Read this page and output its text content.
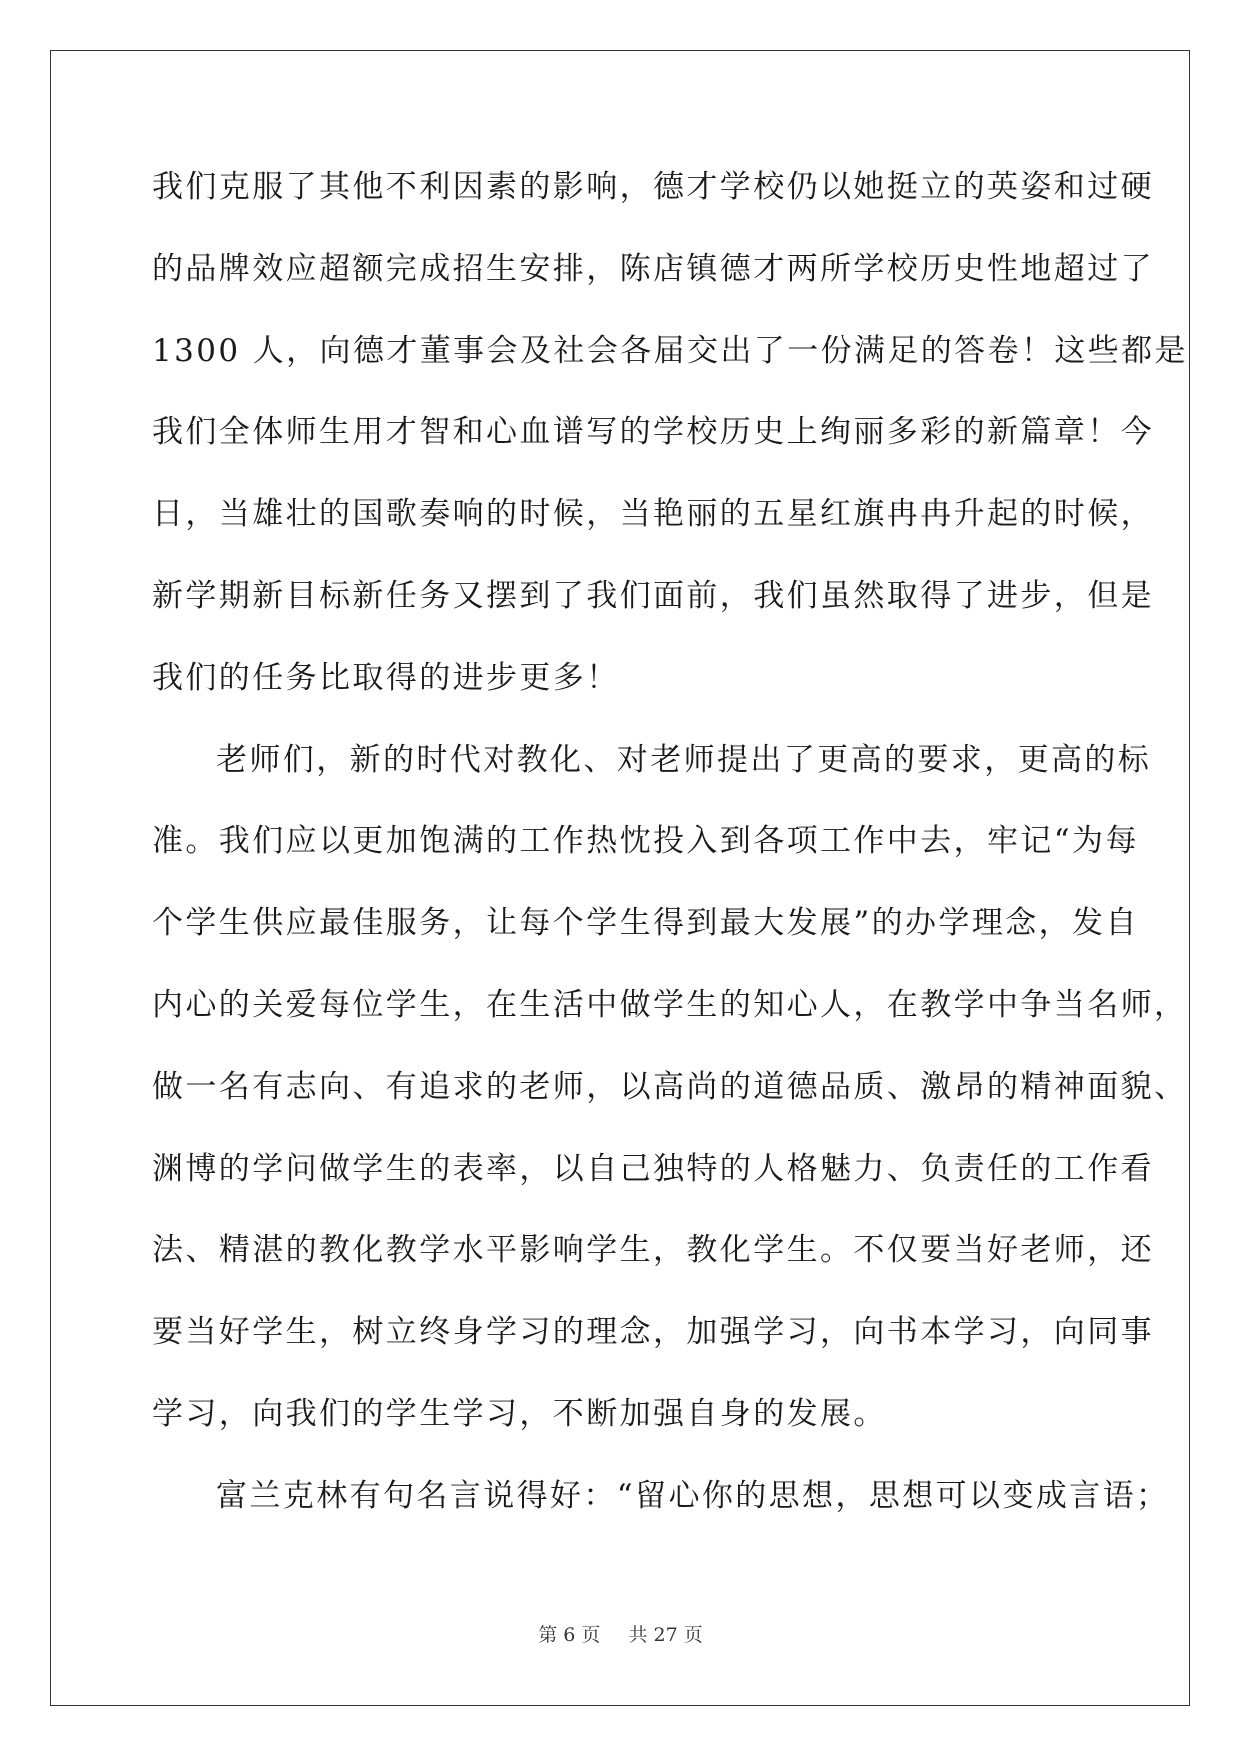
我们克服了其他不利因素的影响，德才学校仍以她挺立的英姿和过硬
的品牌效应超额完成招生安排，陈店镇德才两所学校历史性地超过了
1300 人，向德才董事会及社会各届交出了一份满足的答卷！这些都是
我们全体师生用才智和心血谱写的学校历史上绚丽多彩的新篇章！今
日，当雄壮的国歌奏响的时候，当艳丽的五星红旗冉冉升起的时候，
新学期新目标新任务又摆到了我们面前，我们虽然取得了进步，但是
我们的任务比取得的进步更多！
老师们，新的时代对教化、对老师提出了更高的要求，更高的标
准。我们应以更加饱满的工作热忱投入到各项工作中去，牢记“为每
个学生供应最佳服务，让每个学生得到最大发展”的办学理念，发自
内心的关爱每位学生，在生活中做学生的知心人，在教学中争当名师，
做一名有志向、有追求的老师，以高尚的道德品质、激昂的精神面貌、
渊博的学问做学生的表率，以自己独特的人格魅力、负责任的工作看
法、精湛的教化教学水平影响学生，教化学生。不仅要当好老师，还
要当好学生，树立终身学习的理念，加强学习，向书本学习，向同事
学习，向我们的学生学习，不断加强自身的发展。
富兰克林有句名言说得好：“留心你的思想，思想可以变成言语；
第 6 页 共 27 页
